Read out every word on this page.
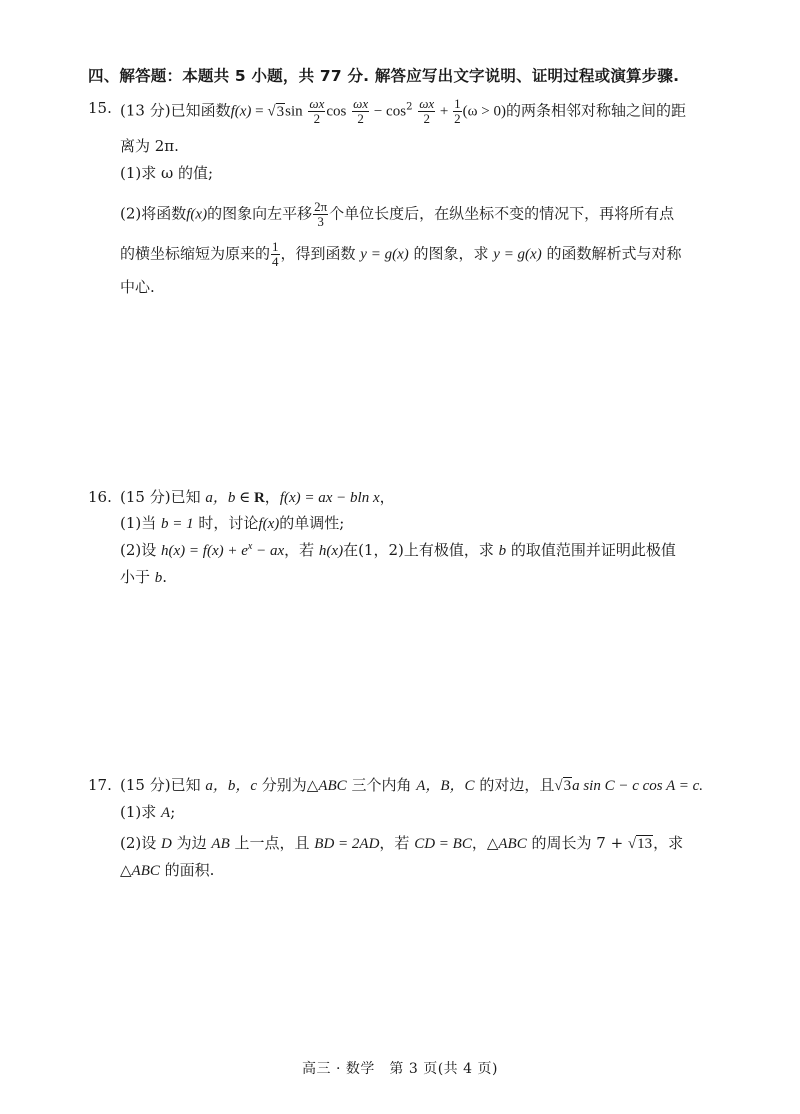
四、解答题：本题共 5 小题，共 77 分. 解答应写出文字说明、证明过程或演算步骤.
15. (13 分)已知函数$f(x) = √3\sin \frac{\omega x}{2}$ $\cos \frac{\omega x}{2} - \cos^2 \frac{\omega x}{2} + \frac{1}{2} (\omega > 0)$的两条相邻对称轴之间的距
离为 2π.
(1)求 ω 的值;
(2)将函数f(x)的图象向左平移 $\frac{2\pi}{3}$ 个单位长度后，在纵坐标不变的情况下，再将所有点
的横坐标缩短为原来的 $\frac{1}{4}$ ，得到函数 y = g(x) 的图象，求 y = g(x) 的函数解析式与对称
中心.
16. (15 分)已知 a，b ∈ R，f(x) = ax − bln x，
(1)当 b = 1 时，讨论f(x)的单调性;
(2)设 $h(x) = f(x) + e^x$ − ax，若 h(x)在(1，2)上有极值，求 b 的取值范围并证明此极值
小于 b.
17. (15 分)已知 a，b，c 分别为△ABC 三个内角 A，B，C 的对边，且√3a sin C − c cos A = c.
(1)求 A;
(2)设 D 为边 AB 上一点，且 BD = 2AD，若 CD = BC，△ABC 的周长为 7 + √13，求
△ABC 的面积.
高三 · 数学　第 3 页(共 4 页)
